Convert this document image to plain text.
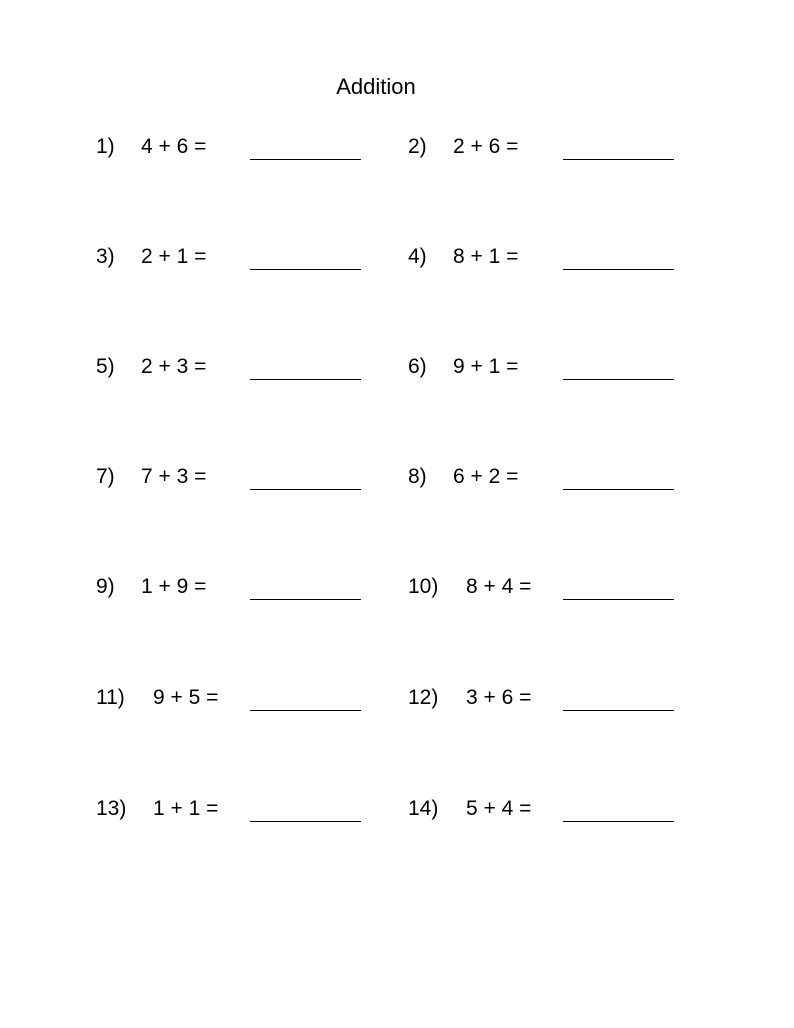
Addition
1) 4 + 6 =	2) 2 + 6 =
3) 2 + 1 =	4) 8 + 1 =
5) 2 + 3 =	6) 9 + 1 =
7) 7 + 3 =	8) 6 + 2 =
9) 1 + 9 =	10) 8 + 4 =
11) 9 + 5 =	12) 3 + 6 =
13) 1 + 1 =	14) 5 + 4 =
